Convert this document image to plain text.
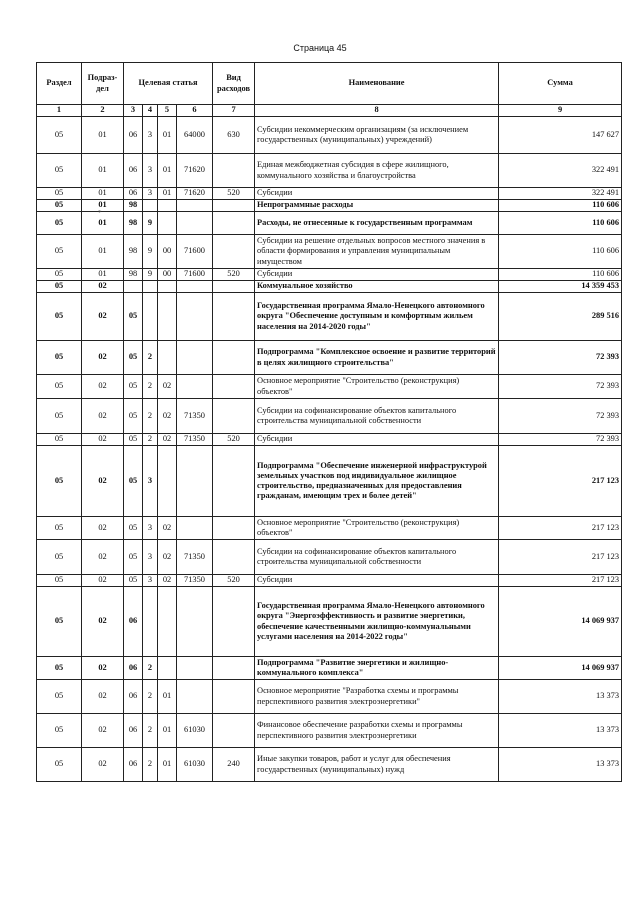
Страница 45
Раздел	Подраз-дел	Целевая статья				Вид расходов	Наименование	Сумма
1	2	3	4	5	6	7	8	9
05	01	06	3	01	64000	630	Субсидии некоммерческим организациям (за исключением государственных (муниципальных) учреждений)	147 627
05	01	06	3	01	71620		Единая межбюджетная субсидия в сфере жилищного, коммунального хозяйства и благоустройства	322 491
05	01	06	3	01	71620	520	Субсидии	322 491
05	01	98					Непрограммные расходы	110 606
05	01	98	9				Расходы, не отнесенные к государственным программам	110 606
05	01	98	9	00	71600		Субсидии на решение отдельных вопросов местного значения в области формирования и управления муниципальным имуществом	110 606
05	01	98	9	00	71600	520	Субсидии	110 606
05	02						Коммунальное хозяйство	14 359 453
05	02	05					Государственная программа Ямало-Ненецкого автономного округа "Обеспечение доступным и комфортным жильем населения на 2014-2020 годы"	289 516
05	02	05	2				Подпрограмма "Комплексное освоение и развитие территорий в целях жилищного строительства"	72 393
05	02	05	2	02			Основное мероприятие "Строительство (реконструкция) объектов"	72 393
05	02	05	2	02	71350		Субсидии на софинансирование объектов капитального строительства муниципальной собственности	72 393
05	02	05	2	02	71350	520	Субсидии	72 393
05	02	05	3				Подпрограмма "Обеспечение инженерной инфраструктурой земельных участков под индивидуальное жилищное строительство, предназначенных для предоставления гражданам, имеющим трех и более детей"	217 123
05	02	05	3	02			Основное мероприятие "Строительство (реконструкция) объектов"	217 123
05	02	05	3	02	71350		Субсидии на софинансирование объектов капитального строительства муниципальной собственности	217 123
05	02	05	3	02	71350	520	Субсидии	217 123
05	02	06					Государственная программа Ямало-Ненецкого автономного округа "Энергоэффективность и развитие энергетики, обеспечение качественными жилищно-коммунальными услугами населения на 2014-2022 годы"	14 069 937
05	02	06	2				Подпрограмма "Развитие энергетики и жилищно-коммунального комплекса"	14 069 937
05	02	06	2	01			Основное мероприятие "Разработка схемы и программы перспективного развития электроэнергетики"	13 373
05	02	06	2	01	61030		Финансовое обеспечение разработки схемы и программы перспективного развития электроэнергетики	13 373
05	02	06	2	01	61030	240	Иные закупки товаров, работ и услуг для обеспечения государственных (муниципальных) нужд	13 373
*
